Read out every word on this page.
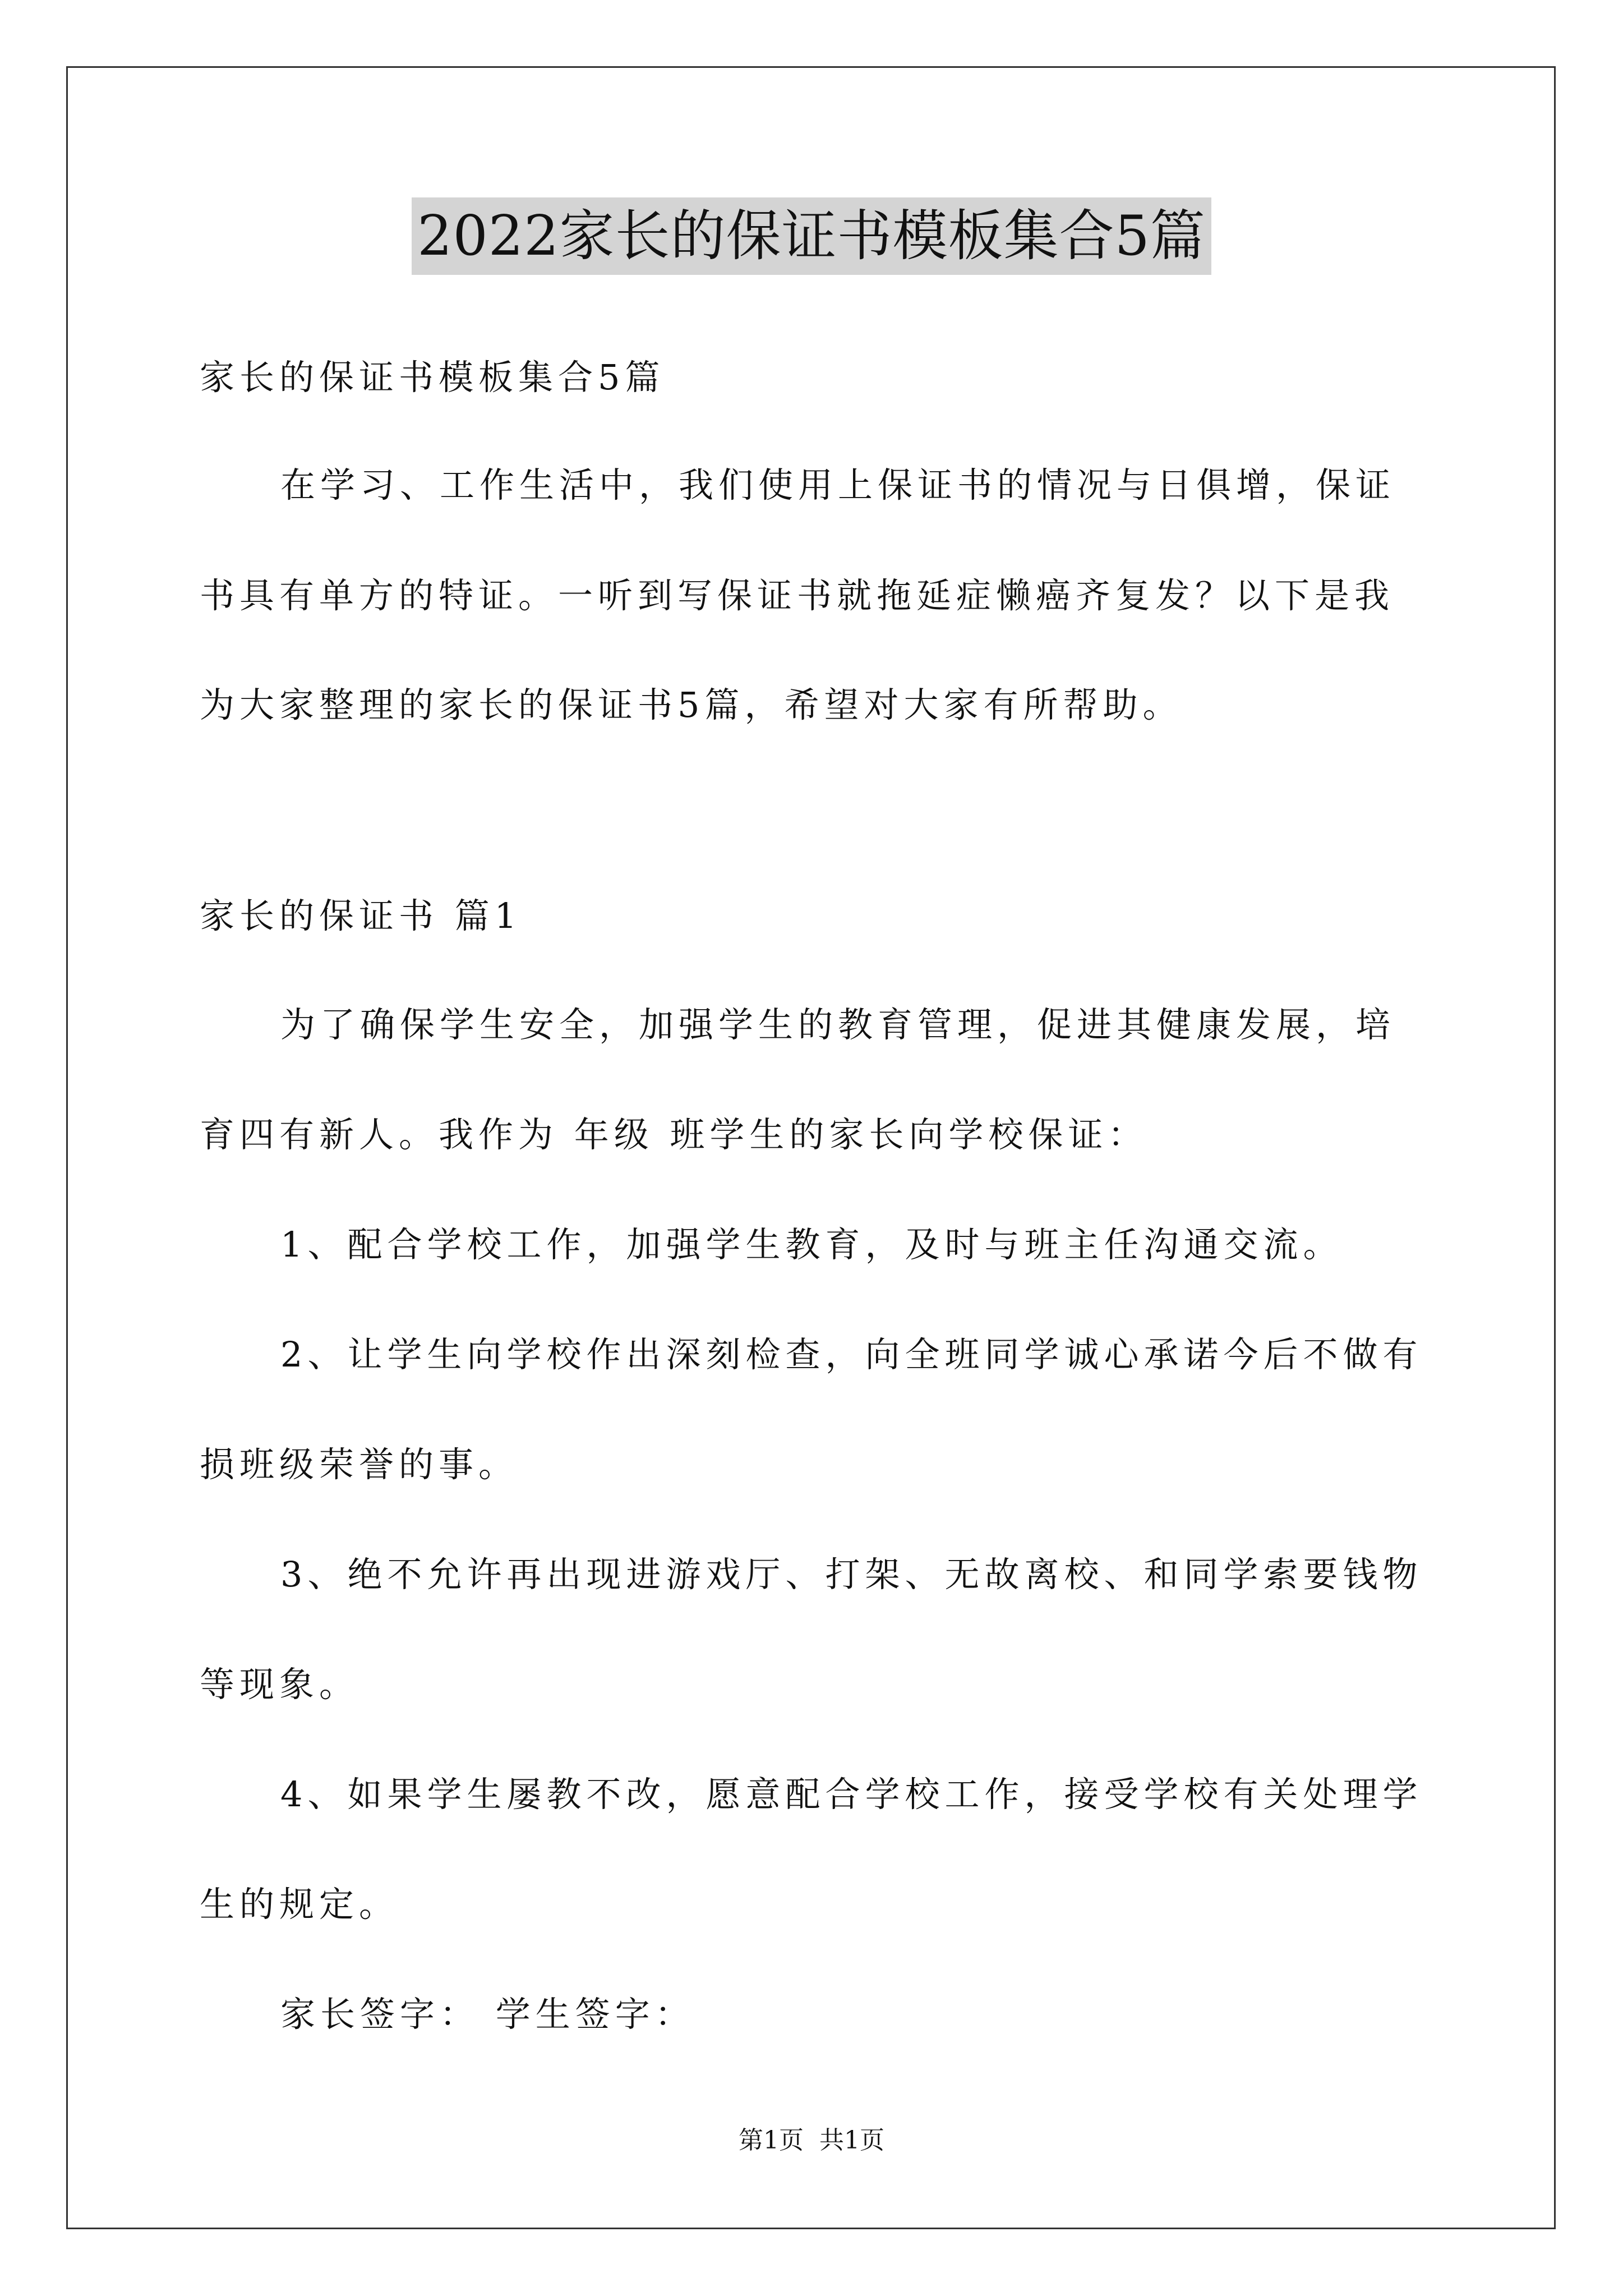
2022家长的保证书模板集合5篇
家长的保证书模板集合5篇
在学习、工作生活中，我们使用上保证书的情况与日俱增，保证
书具有单方的特证。一听到写保证书就拖延症懒癌齐复发？以下是我
为大家整理的家长的保证书5篇，希望对大家有所帮助。
家长的保证书 篇1
为了确保学生安全，加强学生的教育管理，促进其健康发展，培
育四有新人。我作为 年级 班学生的家长向学校保证：
1、配合学校工作，加强学生教育，及时与班主任沟通交流。
2、让学生向学校作出深刻检查，向全班同学诚心承诺今后不做有
损班级荣誉的事。
3、绝不允许再出现进游戏厅、打架、无故离校、和同学索要钱物
等现象。
4、如果学生屡教不改，愿意配合学校工作，接受学校有关处理学
生的规定。
家长签字： 学生签字：
第1页 共1页
